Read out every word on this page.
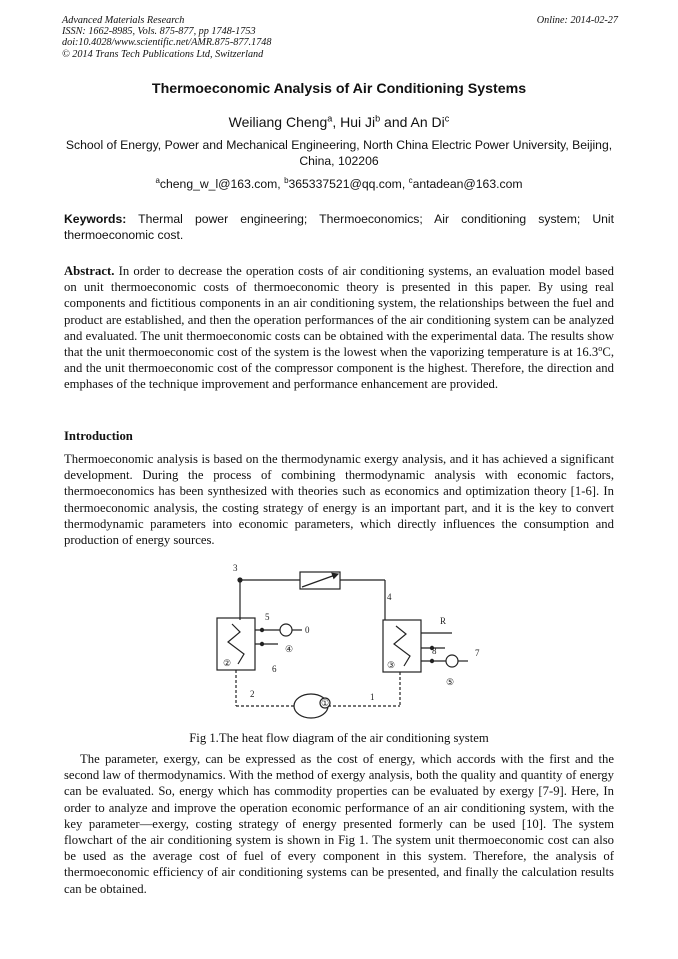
Advanced Materials Research
ISSN: 1662-8985, Vols. 875-877, pp 1748-1753
doi:10.4028/www.scientific.net/AMR.875-877.1748
© 2014 Trans Tech Publications Ltd, Switzerland
Online: 2014-02-27
Thermoeconomic Analysis of Air Conditioning Systems
Weiliang Cheng$^a$, Hui Ji$^b$ and An Di$^c$
School of Energy, Power and Mechanical Engineering, North China Electric Power University, Beijing, China, 102206
$^a$cheng_w_l@163.com, $^b$365337521@qq.com, $^c$antadean@163.com
Keywords: Thermal power engineering; Thermoeconomics; Air conditioning system; Unit thermoeconomic cost.
Abstract. In order to decrease the operation costs of air conditioning systems, an evaluation model based on unit thermoeconomic costs of thermoeconomic theory is presented in this paper. By using real components and fictitious components in an air conditioning system, the relationships between the fuel and product are established, and then the operation performances of the air conditioning system can be analyzed and evaluated. The unit thermoeconomic costs can be obtained with the experimental data. The results show that the unit thermoeconomic cost of the system is the lowest when the vaporizing temperature is at 16.3$^o$C, and the unit thermoeconomic cost of the compressor component is the highest. Therefore, the direction and emphases of the technique improvement and performance enhancement are provided.
Introduction
Thermoeconomic analysis is based on the thermodynamic exergy analysis, and it has achieved a significant development. During the process of combining thermodynamic analysis with economic factors, thermoeconomics has been synthesized with theories such as economics and optimization theory [1-6]. In thermoeconomic analysis, the costing strategy of energy is an important part, and it is the key to convert thermodynamic parameters into economic parameters, which directly influences the consumption and production of energy sources.
3
4
5
0
R
7
8
6
2	1
①
②	③
④
⑤
Fig 1.The heat flow diagram of the air conditioning system
The parameter, exergy, can be expressed as the cost of energy, which accords with the first and the second law of thermodynamics. With the method of exergy analysis, both the quality and quantity of energy can be evaluated. So, energy which has commodity properties can be evaluated by exergy [7-9]. Here, In order to analyze and improve the operation economic performance of an air conditioning system, with the key parameter—exergy, costing strategy of energy presented formerly can be used [10]. The system flowchart of the air conditioning system is shown in Fig 1. The system unit thermoeconomic cost can also be used as the average cost of fuel of every component in this system. Therefore, the analysis of thermoeconomic efficiency of air conditioning systems can be presented, and finally the calculation results can be obtained.
